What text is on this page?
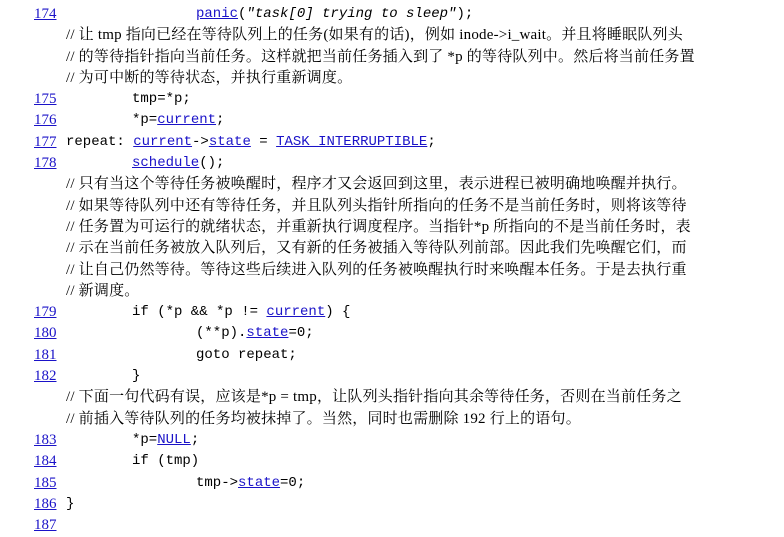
174	panic("task[0] trying to sleep");
// 让 tmp 指向已经在等待队列上的任务(如果有的话)，例如 inode->i_wait。并且将睡眠队列头
// 的等待指针指向当前任务。这样就把当前任务插入到了 *p 的等待队列中。然后将当前任务置
// 为可中断的等待状态，并执行重新调度。
175	tmp=*p;
176	*p=current;
177 repeat: current->state = TASK_INTERRUPTIBLE;
178	schedule();
// 只有当这个等待任务被唤醒时，程序才又会返回到这里，表示进程已被明确地唤醒并执行。
// 如果等待队列中还有等待任务，并且队列头指针所指向的任务不是当前任务时，则将该等待
// 任务置为可运行的就绪状态，并重新执行调度程序。当指针*p 所指向的不是当前任务时，表
// 示在当前任务被放入队列后，又有新的任务被插入等待队列前部。因此我们先唤醒它们，而
// 让自己仍然等待。等待这些后续进入队列的任务被唤醒执行时来唤醒本任务。于是去执行重
// 新调度。
179	if (*p && *p != current) {
180	(**p).state=0;
181	goto repeat;
182	}
// 下面一句代码有误，应该是*p = tmp，让队列头指针指向其余等待任务，否则在当前任务之
// 前插入等待队列的任务均被抹掉了。当然，同时也需删除 192 行上的语句。
183	*p=NULL;
184	if (tmp)
185	tmp->state=0;
186 }
187
